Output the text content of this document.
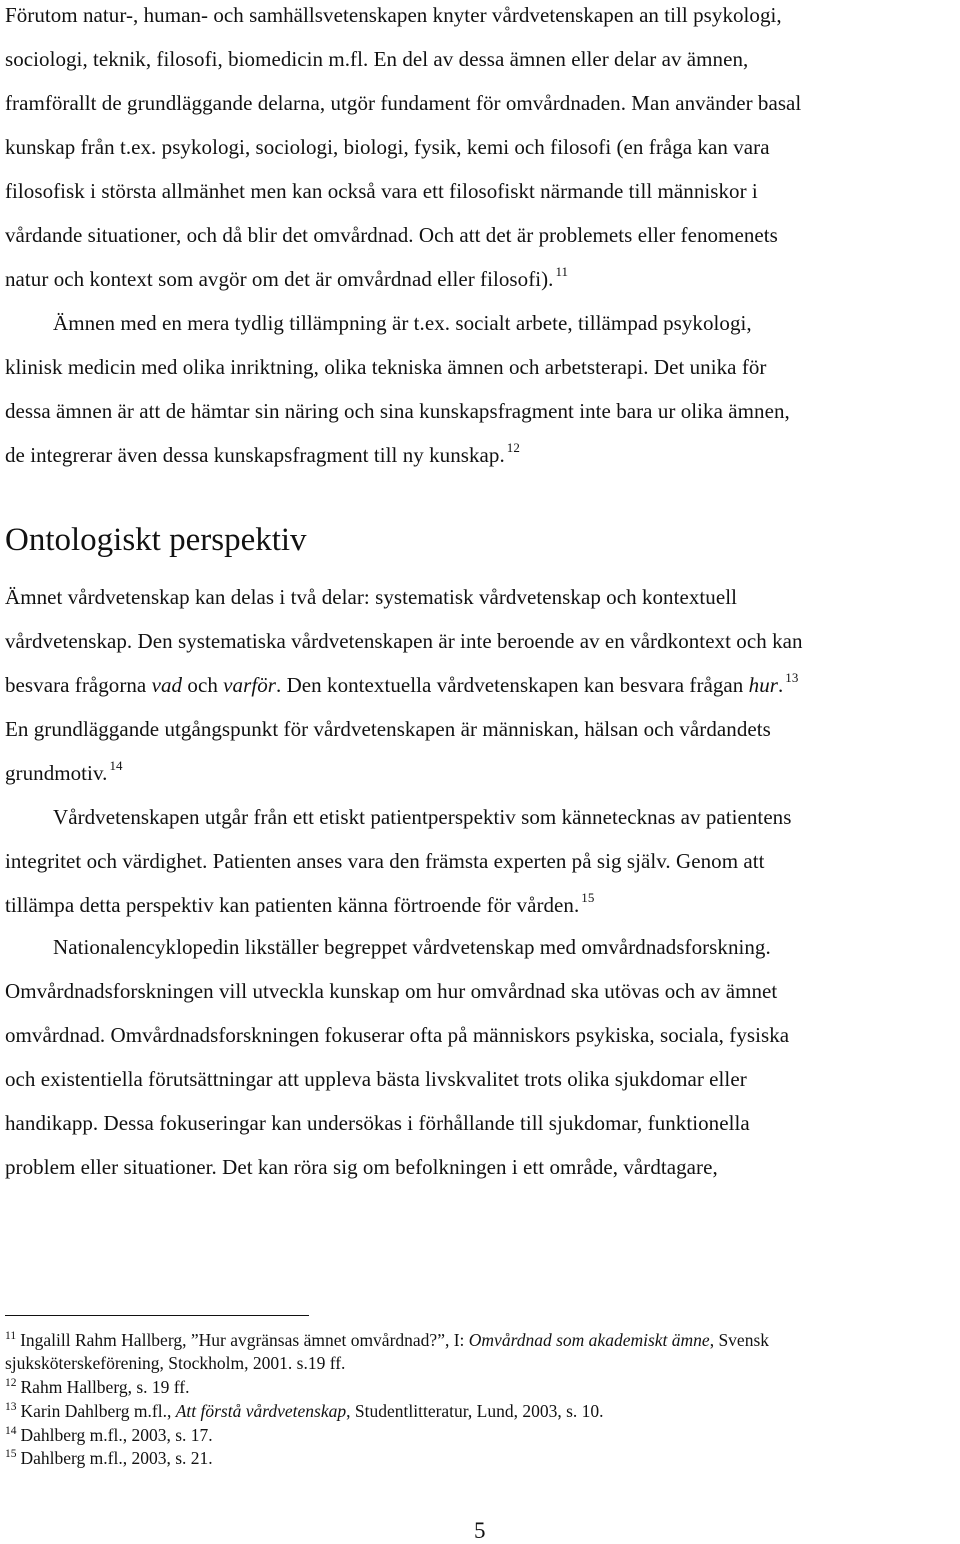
Förutom natur-, human- och samhällsvetenskapen knyter vårdvetenskapen an till psykologi,
sociologi, teknik, filosofi, biomedicin m.fl. En del av dessa ämnen eller delar av ämnen,
framförallt de grundläggande delarna, utgör fundament för omvårdnaden. Man använder basal
kunskap från t.ex. psykologi, sociologi, biologi, fysik, kemi och filosofi (en fråga kan vara
filosofisk i största allmänhet men kan också vara ett filosofiskt närmande till människor i
vårdande situationer, och då blir det omvårdnad. Och att det är problemets eller fenomenets
natur och kontext som avgör om det är omvårdnad eller filosofi). $^{11}$
Ämnen med en mera tydlig tillämpning är t.ex. socialt arbete, tillämpad psykologi,
klinisk medicin med olika inriktning, olika tekniska ämnen och arbetsterapi. Det unika för
dessa ämnen är att de hämtar sin näring och sina kunskapsfragment inte bara ur olika ämnen,
de integrerar även dessa kunskapsfragment till ny kunskap. $^{12}$
Ontologiskt perspektiv
Ämnet vårdvetenskap kan delas i två delar: systematisk vårdvetenskap och kontextuell
vårdvetenskap. Den systematiska vårdvetenskapen är inte beroende av en vårdkontext och kan
besvara frågorna vad och varför. Den kontextuella vårdvetenskapen kan besvara frågan hur. $^{13}$
En grundläggande utgångspunkt för vårdvetenskapen är människan, hälsan och vårdandets
grundmotiv. $^{14}$
Vårdvetenskapen utgår från ett etiskt patientperspektiv som kännetecknas av patientens
integritet och värdighet. Patienten anses vara den främsta experten på sig själv. Genom att
tillämpa detta perspektiv kan patienten känna förtroende för vården. $^{15}$
Nationalencyklopedin likställer begreppet vårdvetenskap med omvårdnadsforskning.
Omvårdnadsforskningen vill utveckla kunskap om hur omvårdnad ska utövas och av ämnet
omvårdnad. Omvårdnadsforskningen fokuserar ofta på människors psykiska, sociala, fysiska
och existentiella förutsättningar att uppleva bästa livskvalitet trots olika sjukdomar eller
handikapp. Dessa fokuseringar kan undersökas i förhållande till sjukdomar, funktionella
problem eller situationer. Det kan röra sig om befolkningen i ett område, vårdtagare,
$^{11}$ Ingalill Rahm Hallberg, ”Hur avgränsas ämnet omvårdnad?”, I: Omvårdnad som akademiskt ämne, Svensk
sjuksköterskeförening, Stockholm, 2001. s.19 ff.
$^{12}$ Rahm Hallberg, s. 19 ff.
$^{13}$ Karin Dahlberg m.fl., Att förstå vårdvetenskap, Studentlitteratur, Lund, 2003, s. 10.
$^{14}$ Dahlberg m.fl., 2003, s. 17.
$^{15}$ Dahlberg m.fl., 2003, s. 21.
5
